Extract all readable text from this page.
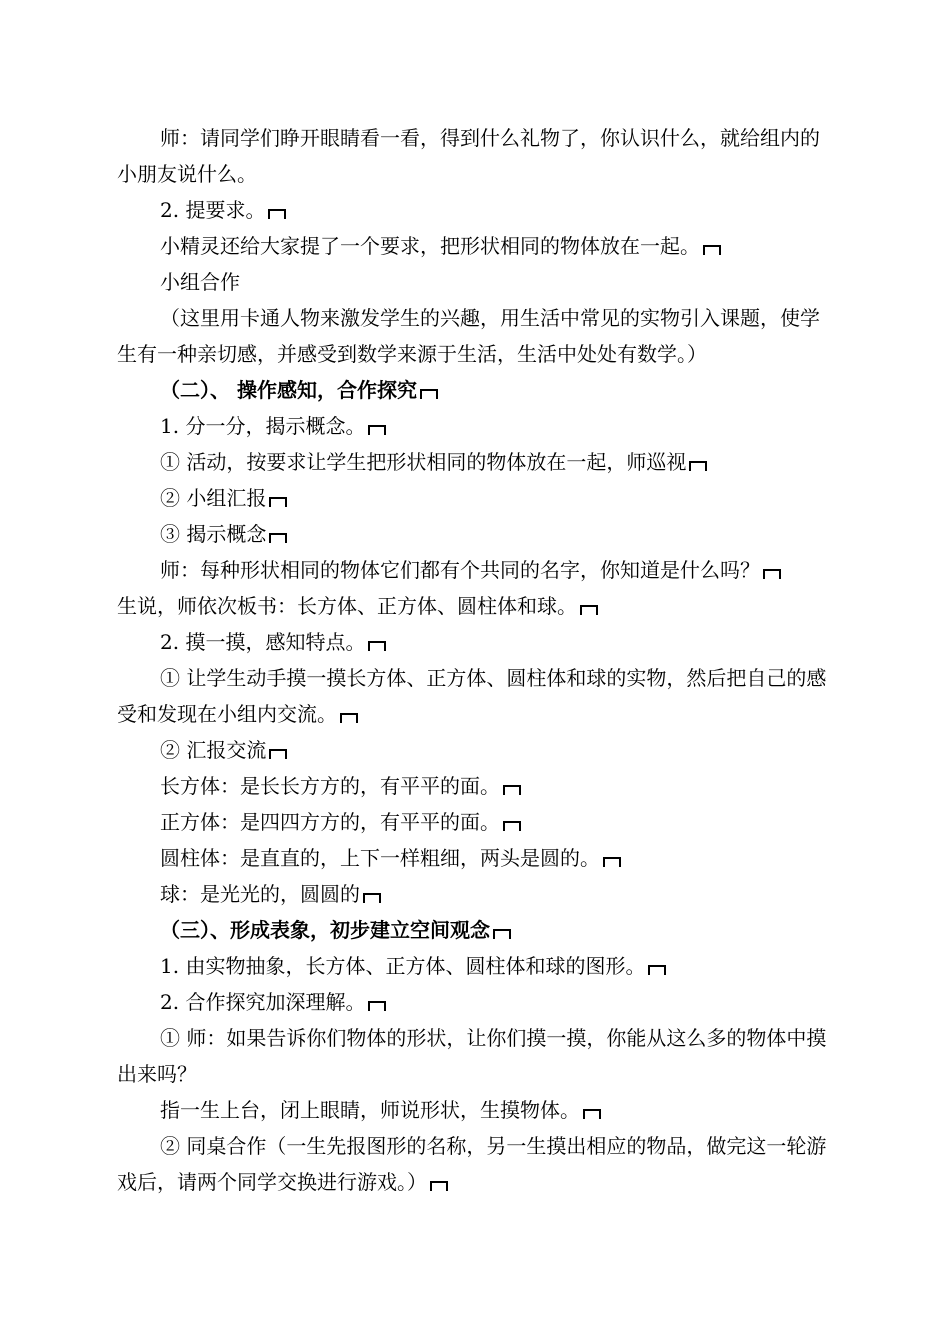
师：请同学们睁开眼睛看一看，得到什么礼物了，你认识什么，就给组内的小朋友说什么。

2. 提要求。

小精灵还给大家提了一个要求，把形状相同的物体放在一起。

小组合作

（这里用卡通人物来激发学生的兴趣，用生活中常见的实物引入课题，使学生有一种亲切感，并感受到数学来源于生活，生活中处处有数学。）

（二）、 操作感知，合作探究

1. 分一分，揭示概念。

① 活动，按要求让学生把形状相同的物体放在一起，师巡视

② 小组汇报

③ 揭示概念

师：每种形状相同的物体它们都有个共同的名字，你知道是什么吗？

生说，师依次板书：长方体、正方体、圆柱体和球。

2. 摸一摸，感知特点。

① 让学生动手摸一摸长方体、正方体、圆柱体和球的实物，然后把自己的感受和发现在小组内交流。

② 汇报交流

长方体：是长长方方的，有平平的面。

正方体：是四四方方的，有平平的面。

圆柱体：是直直的，上下一样粗细，两头是圆的。

球：是光光的，圆圆的

（三）、形成表象，初步建立空间观念

1. 由实物抽象，长方体、正方体、圆柱体和球的图形。

2. 合作探究加深理解。

① 师：如果告诉你们物体的形状，让你们摸一摸，你能从这么多的物体中摸出来吗？

指一生上台，闭上眼睛，师说形状，生摸物体。

② 同桌合作（一生先报图形的名称，另一生摸出相应的物品，做完这一轮游戏后，请两个同学交换进行游戏。）
